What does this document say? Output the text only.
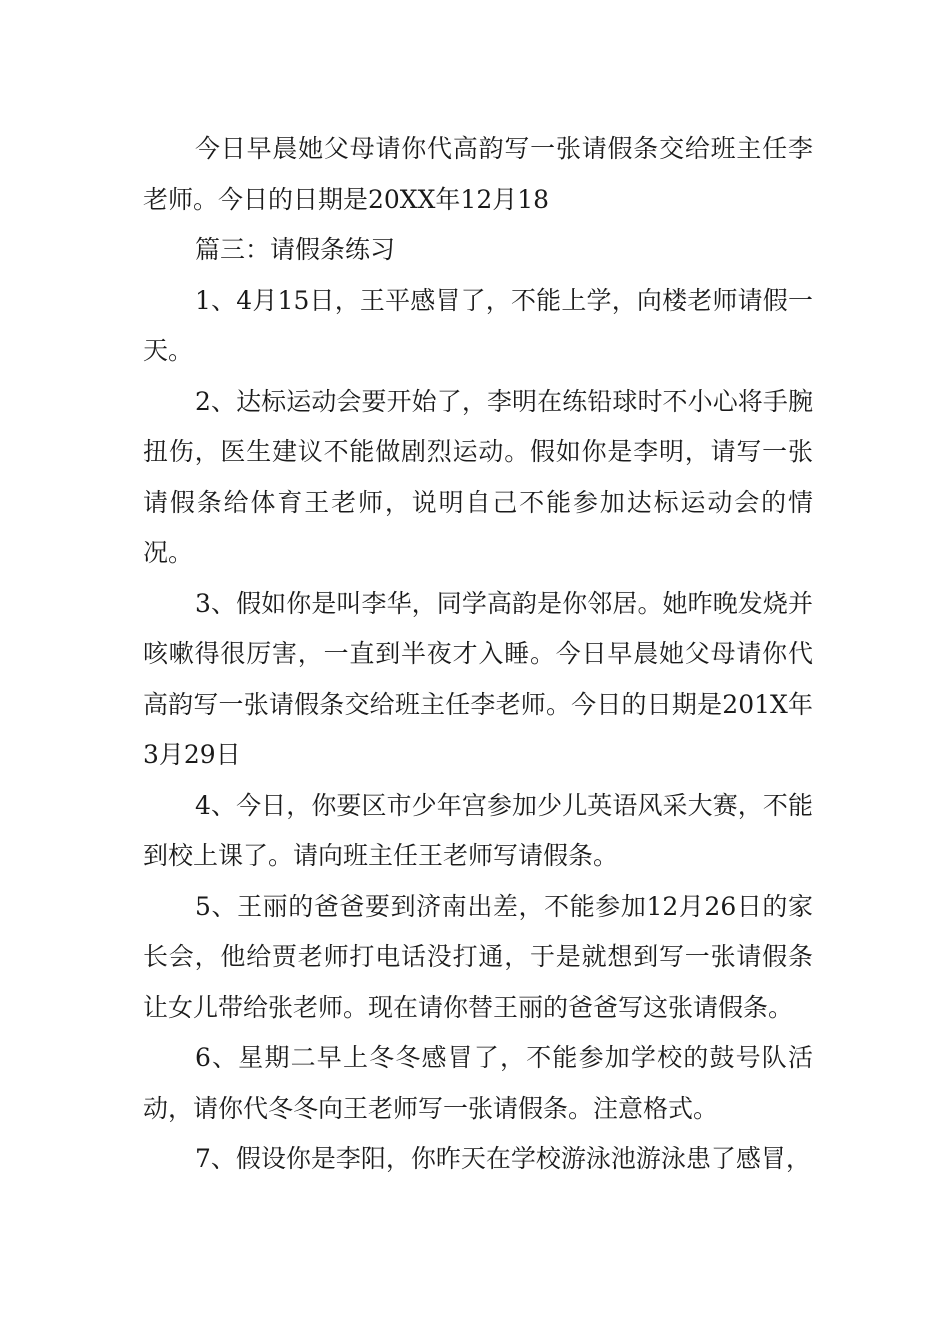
今日早晨她父母请你代高韵写一张请假条交给班主任李老师。今日的日期是20XX年12月18

篇三：请假条练习

1、4月15日，王平感冒了，不能上学，向楼老师请假一天。

2、达标运动会要开始了，李明在练铅球时不小心将手腕扭伤，医生建议不能做剧烈运动。假如你是李明，请写一张请假条给体育王老师，说明自己不能参加达标运动会的情况。

3、假如你是叫李华，同学高韵是你邻居。她昨晚发烧并咳嗽得很厉害，一直到半夜才入睡。今日早晨她父母请你代高韵写一张请假条交给班主任李老师。今日的日期是201X年3月29日

4、今日，你要区市少年宫参加少儿英语风采大赛，不能到校上课了。请向班主任王老师写请假条。

5、王丽的爸爸要到济南出差，不能参加12月26日的家长会，他给贾老师打电话没打通，于是就想到写一张请假条让女儿带给张老师。现在请你替王丽的爸爸写这张请假条。

6、星期二早上冬冬感冒了，不能参加学校的鼓号队活动，请你代冬冬向王老师写一张请假条。注意格式。

7、假设你是李阳，你昨天在学校游泳池游泳患了感冒，
